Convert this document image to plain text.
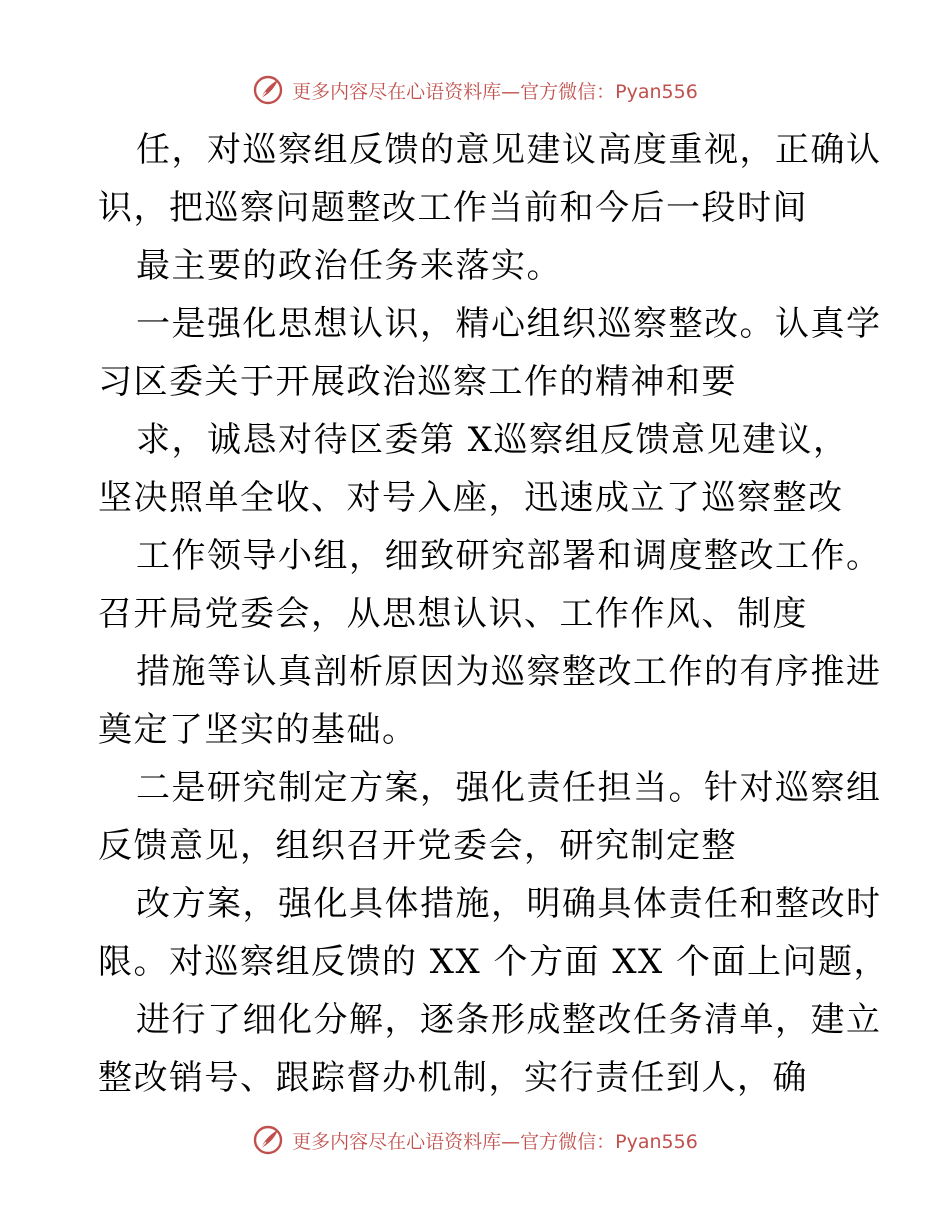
更多内容尽在心语资料库—官方微信：Pyan556
任，对巡察组反馈的意见建议高度重视，正确认
识，把巡察问题整改工作当前和今后一段时间
最主要的政治任务来落实。
一是强化思想认识，精心组织巡察整改。认真学
习区委关于开展政治巡察工作的精神和要
求，诚恳对待区委第 X巡察组反馈意见建议，
坚决照单全收、对号入座，迅速成立了巡察整改
工作领导小组，细致研究部署和调度整改工作。
召开局党委会，从思想认识、工作作风、制度
措施等认真剖析原因为巡察整改工作的有序推进
奠定了坚实的基础。
二是研究制定方案，强化责任担当。针对巡察组
反馈意见，组织召开党委会，研究制定整
改方案，强化具体措施，明确具体责任和整改时
限。对巡察组反馈的 XX 个方面 XX 个面上问题，
进行了细化分解，逐条形成整改任务清单，建立
整改销号、跟踪督办机制，实行责任到人，确
更多内容尽在心语资料库—官方微信：Pyan556
